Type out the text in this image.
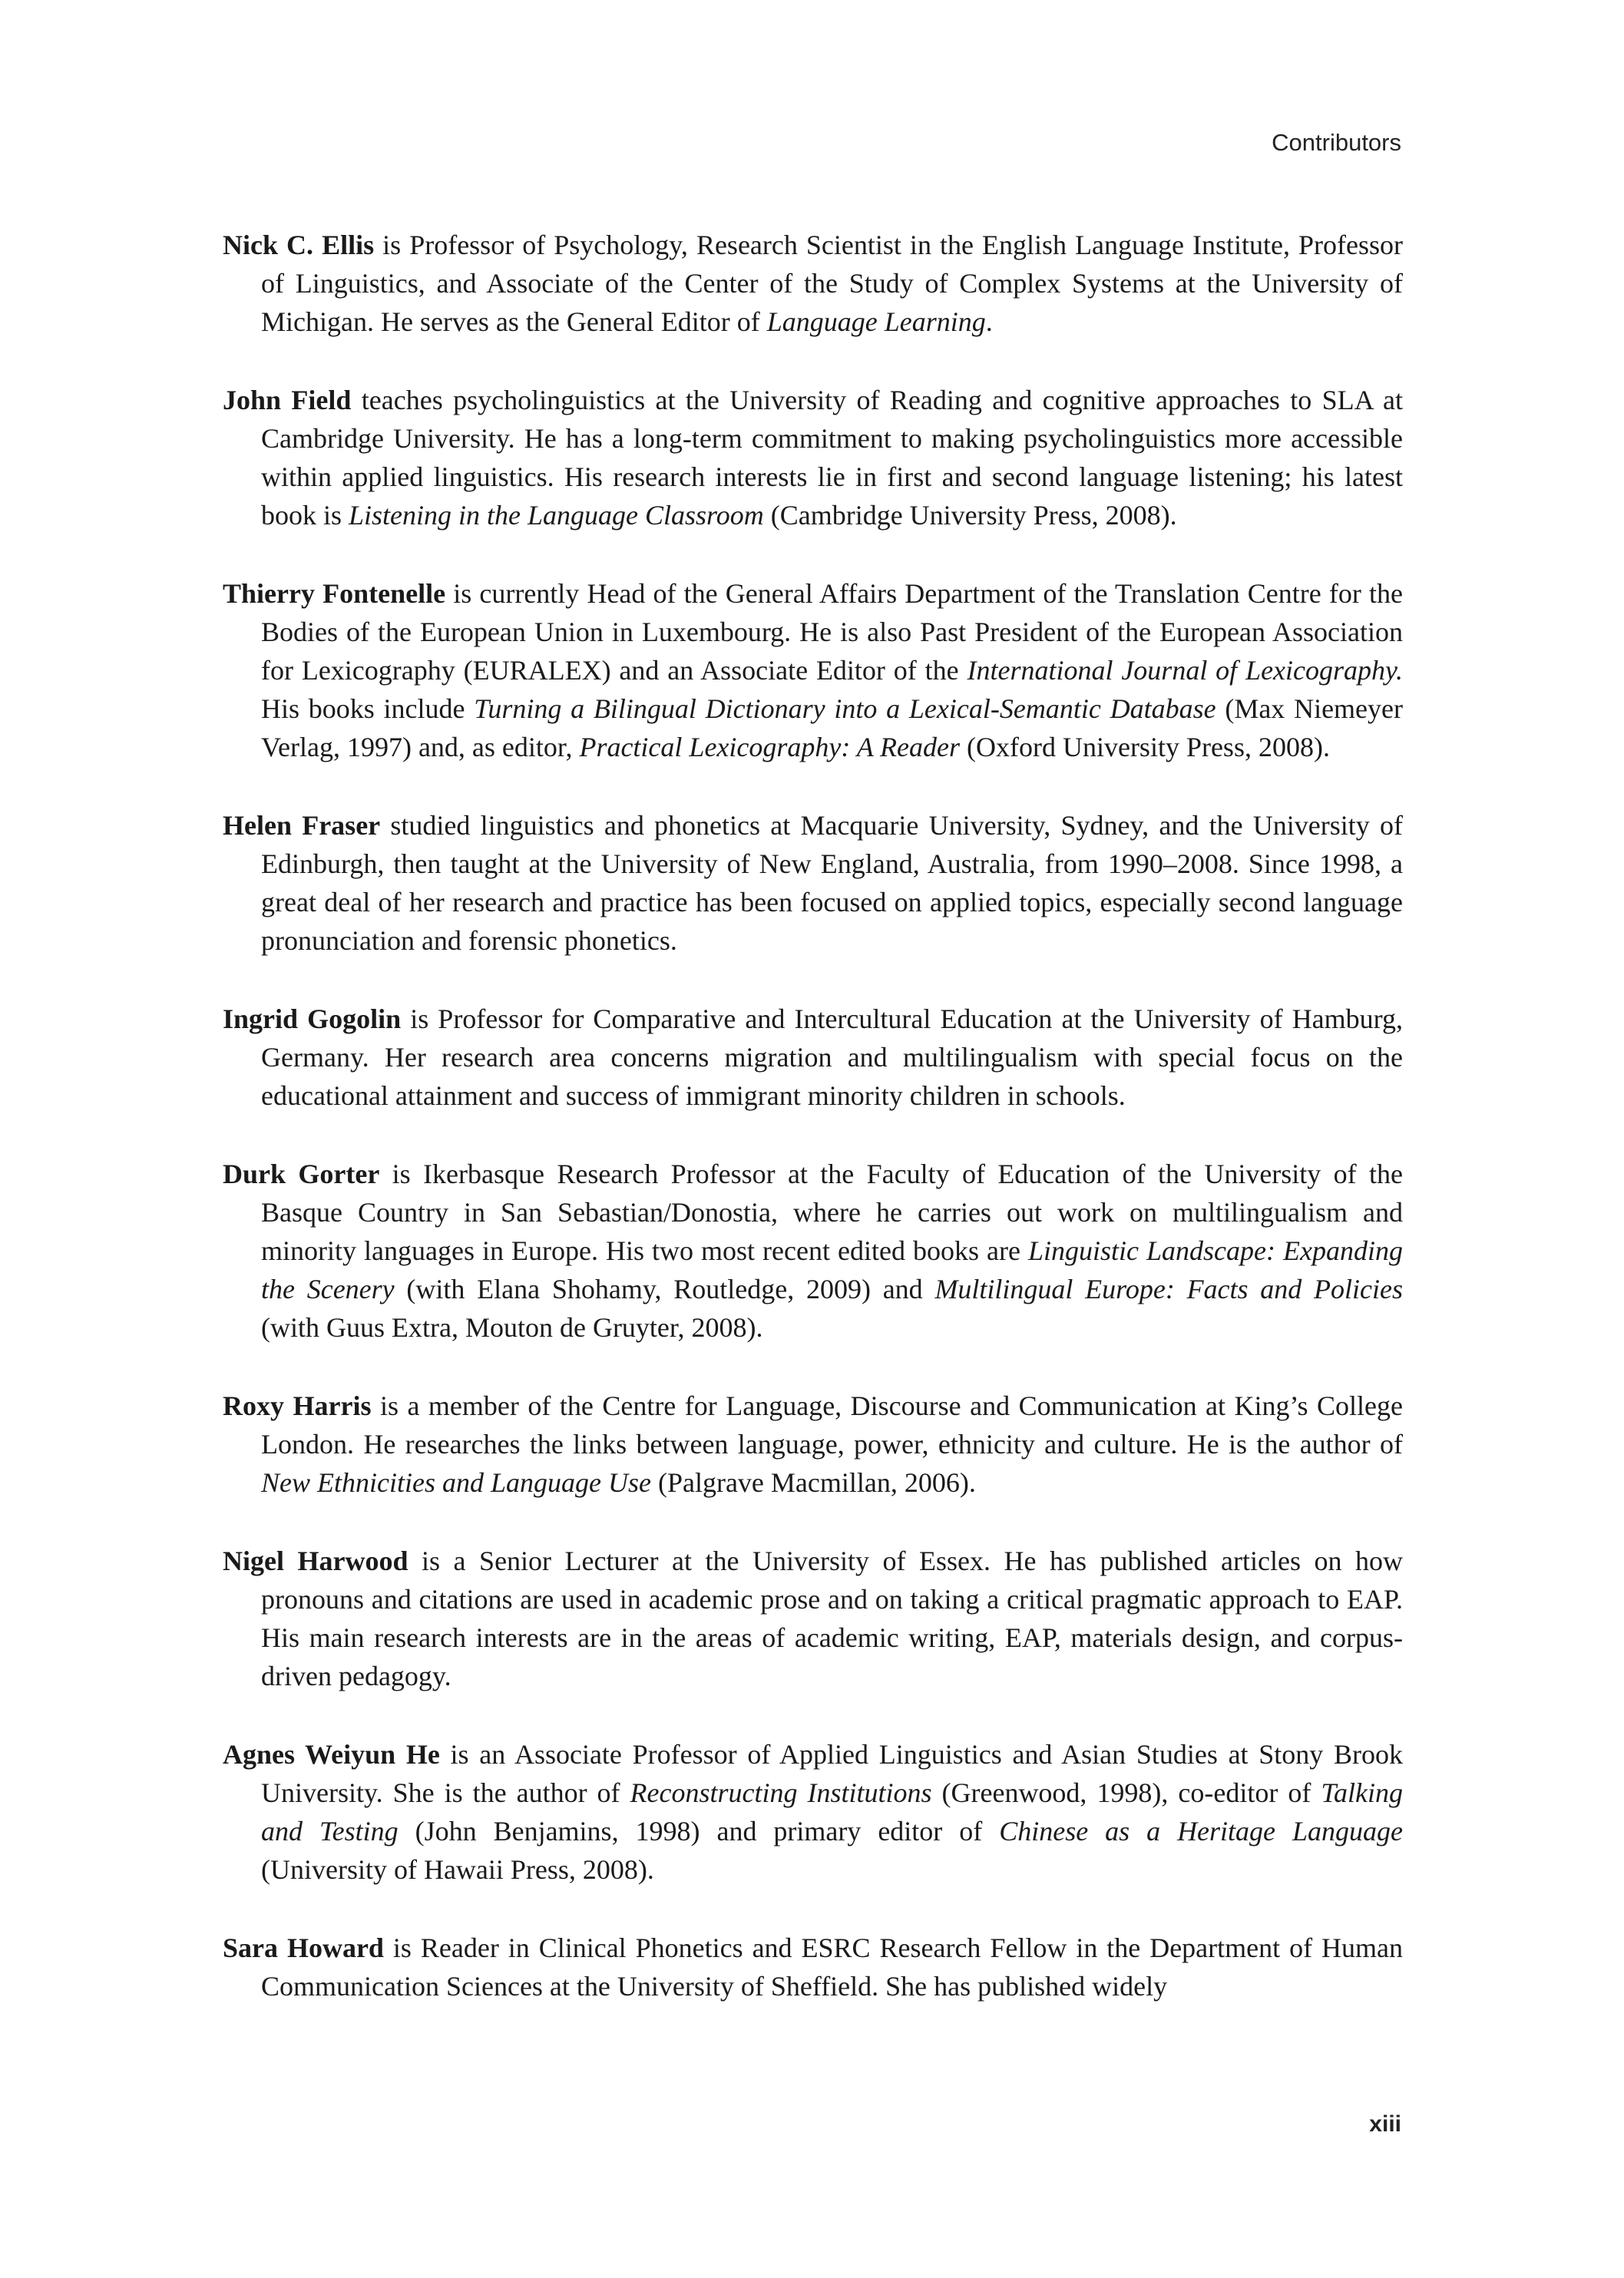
Contributors

Nick C. Ellis is Professor of Psychology, Research Scientist in the English Language Institute, Professor of Linguistics, and Associate of the Center of the Study of Complex Systems at the University of Michigan. He serves as the General Editor of Language Learning.

John Field teaches psycholinguistics at the University of Reading and cognitive approaches to SLA at Cambridge University. He has a long-term commitment to making psycholinguistics more accessible within applied linguistics. His research interests lie in first and second language listening; his latest book is Listening in the Language Classroom (Cambridge University Press, 2008).

Thierry Fontenelle is currently Head of the General Affairs Department of the Translation Centre for the Bodies of the European Union in Luxembourg. He is also Past President of the European Association for Lexicography (EURALEX) and an Associate Editor of the International Journal of Lexicography. His books include Turning a Bilingual Dictionary into a Lexical-Semantic Database (Max Niemeyer Verlag, 1997) and, as editor, Practical Lexicography: A Reader (Oxford University Press, 2008).

Helen Fraser studied linguistics and phonetics at Macquarie University, Sydney, and the University of Edinburgh, then taught at the University of New England, Australia, from 1990–2008. Since 1998, a great deal of her research and practice has been focused on applied topics, especially second language pronunciation and forensic phonetics.

Ingrid Gogolin is Professor for Comparative and Intercultural Education at the University of Hamburg, Germany. Her research area concerns migration and multilingualism with special focus on the educational attainment and success of immigrant minority children in schools.

Durk Gorter is Ikerbasque Research Professor at the Faculty of Education of the University of the Basque Country in San Sebastian/Donostia, where he carries out work on multilingualism and minority languages in Europe. His two most recent edited books are Linguistic Landscape: Expanding the Scenery (with Elana Shohamy, Routledge, 2009) and Multilingual Europe: Facts and Policies (with Guus Extra, Mouton de Gruyter, 2008).

Roxy Harris is a member of the Centre for Language, Discourse and Communication at King’s College London. He researches the links between language, power, ethnicity and culture. He is the author of New Ethnicities and Language Use (Palgrave Macmillan, 2006).

Nigel Harwood is a Senior Lecturer at the University of Essex. He has published articles on how pronouns and citations are used in academic prose and on taking a critical pragmatic approach to EAP. His main research interests are in the areas of academic writing, EAP, materials design, and corpus-driven pedagogy.

Agnes Weiyun He is an Associate Professor of Applied Linguistics and Asian Studies at Stony Brook University. She is the author of Reconstructing Institutions (Greenwood, 1998), co-editor of Talking and Testing (John Benjamins, 1998) and primary editor of Chinese as a Heritage Language (University of Hawaii Press, 2008).

Sara Howard is Reader in Clinical Phonetics and ESRC Research Fellow in the Department of Human Communication Sciences at the University of Sheffield. She has published widely

xiii
